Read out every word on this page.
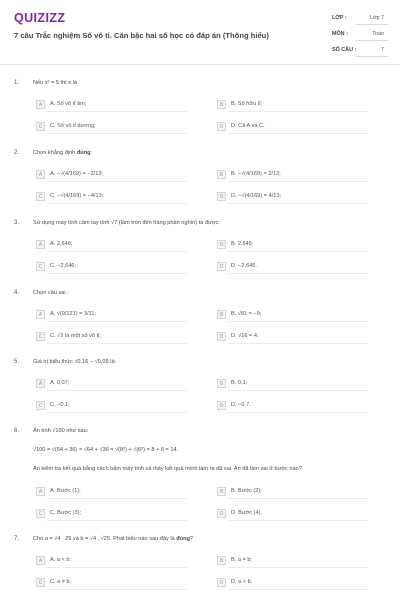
QUIZIZZ
7 câu Trắc nghiệm Số vô tỉ. Căn bậc hai số học có đáp án (Thông hiểu)
LỚP :	Lớp 7
MÔN :	Toán
SỐ CÂU :	7
1. Nếu x² = 5 thì x là
A	A. Số vô tỉ âm;	B	B. Số hữu tỉ;
C	C. Số vô tỉ dương;	D	D. Cả A và C.
2. Chọn khẳng định đúng:
A	A. −√(4/169) = −2/13;	B	B. −√(4/169) = 2/13;
C	C. −√(4/169) = −4/13;	D	D. −√(4/169) = 4/13;
3. Sử dụng máy tính cầm tay tính √7 (làm tròn đến hàng phần nghìn) ta được:
A	A. 2,646;	B	B. 2,645;
C	C. −2,646;	D	D. −2,645.
4. Chọn câu sai :
A	A. √(9/121) = 3/11;	B	B. √81 = −9;
C	C. √2 là một số vô tỉ;	D	D. √16 = 4.
5. Giá trị biểu thức √0,16 − √0,09 là:
A	A. 0,07;	B	B. 0,1;
C	C. −0,1;	D	D. −0,7.
6. An tính √100 như sau:
√100 = √(64 + 36) = √64 + √36 = √(8²) + √(6²) = 8 + 6 = 14.
An kiểm tra kết quả bằng cách bấm máy tính và thấy kết quả mình làm ra đã sai. An đã làm sai ở bước nào?
A	A. Bước (1);	B	B. Bước (2);
C	C. Bước (3);	D	D. Bước (4).
7. Cho a = √4 . 25 và b = √4 . √25. Phát biểu nào sau đây là đúng?
A	A. a < b;	B	B. a = b;
C	C. a ≠ b;	D	D. a > b.
